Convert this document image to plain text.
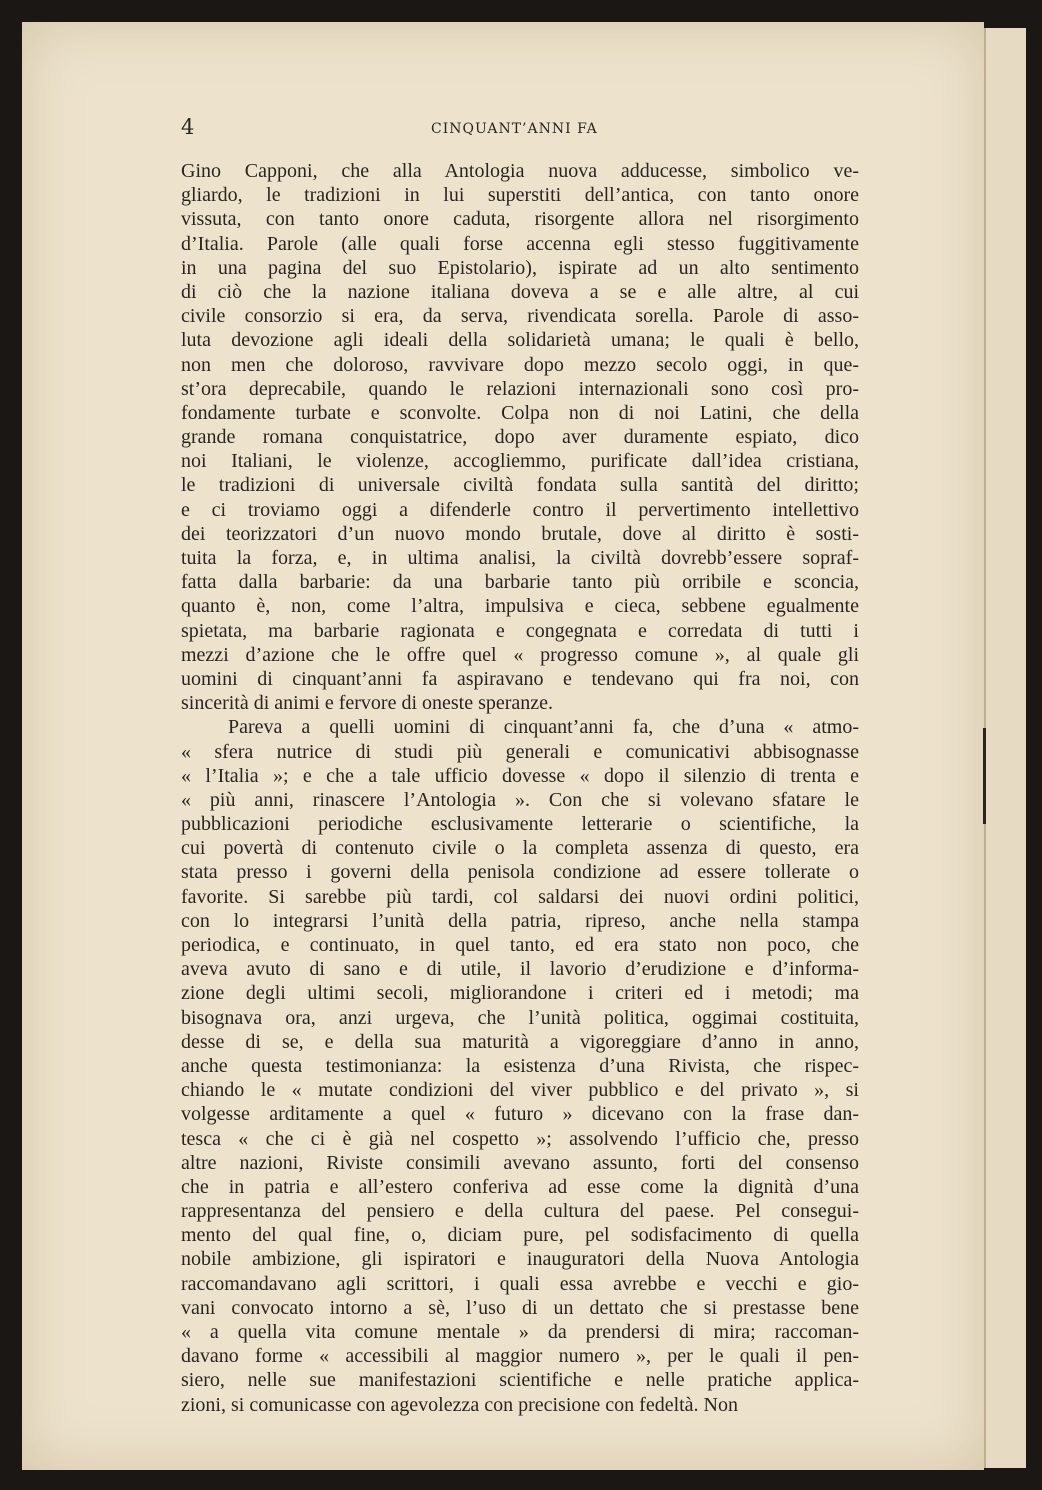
4	CINQUANT’ANNI FA
Gino Capponi, che alla Antologia nuova adducesse, simbolico ve-
gliardo, le tradizioni in lui superstiti dell’antica, con tanto onore
vissuta, con tanto onore caduta, risorgente allora nel risorgimento
d’Italia. Parole (alle quali forse accenna egli stesso fuggitivamente
in una pagina del suo Epistolario), ispirate ad un alto sentimento
di ciò che la nazione italiana doveva a se e alle altre, al cui
civile consorzio si era, da serva, rivendicata sorella. Parole di asso-
luta devozione agli ideali della solidarietà umana; le quali è bello,
non men che doloroso, ravvivare dopo mezzo secolo oggi, in que-
st’ora deprecabile, quando le relazioni internazionali sono così pro-
fondamente turbate e sconvolte. Colpa non di noi Latini, che della
grande romana conquistatrice, dopo aver duramente espiato, dico
noi Italiani, le violenze, accogliemmo, purificate dall’idea cristiana,
le tradizioni di universale civiltà fondata sulla santità del diritto;
e ci troviamo oggi a difenderle contro il pervertimento intellettivo
dei teorizzatori d’un nuovo mondo brutale, dove al diritto è sosti-
tuita la forza, e, in ultima analisi, la civiltà dovrebb’essere sopraf-
fatta dalla barbarie: da una barbarie tanto più orribile e sconcia,
quanto è, non, come l’altra, impulsiva e cieca, sebbene egualmente
spietata, ma barbarie ragionata e congegnata e corredata di tutti i
mezzi d’azione che le offre quel « progresso comune », al quale gli
uomini di cinquant’anni fa aspiravano e tendevano qui fra noi, con
sincerità di animi e fervore di oneste speranze.
Pareva a quelli uomini di cinquant’anni fa, che d’una « atmo-
« sfera nutrice di studi più generali e comunicativi abbisognasse
« l’Italia »; e che a tale ufficio dovesse « dopo il silenzio di trenta e
« più anni, rinascere l’Antologia ». Con che si volevano sfatare le
pubblicazioni periodiche esclusivamente letterarie o scientifiche, la
cui povertà di contenuto civile o la completa assenza di questo, era
stata presso i governi della penisola condizione ad essere tollerate o
favorite. Si sarebbe più tardi, col saldarsi dei nuovi ordini politici,
con lo integrarsi l’unità della patria, ripreso, anche nella stampa
periodica, e continuato, in quel tanto, ed era stato non poco, che
aveva avuto di sano e di utile, il lavorio d’erudizione e d’informa-
zione degli ultimi secoli, migliorandone i criteri ed i metodi; ma
bisognava ora, anzi urgeva, che l’unità politica, oggimai costituita,
desse di se, e della sua maturità a vigoreggiare d’anno in anno,
anche questa testimonianza: la esistenza d’una Rivista, che rispec-
chiando le « mutate condizioni del viver pubblico e del privato », si
volgesse arditamente a quel « futuro » dicevano con la frase dan-
tesca « che ci è già nel cospetto »; assolvendo l’ufficio che, presso
altre nazioni, Riviste consimili avevano assunto, forti del consenso
che in patria e all’estero conferiva ad esse come la dignità d’una
rappresentanza del pensiero e della cultura del paese. Pel consegui-
mento del qual fine, o, diciam pure, pel sodisfacimento di quella
nobile ambizione, gli ispiratori e inauguratori della Nuova Antologia
raccomandavano agli scrittori, i quali essa avrebbe e vecchi e gio-
vani convocato intorno a sè, l’uso di un dettato che si prestasse bene
« a quella vita comune mentale » da prendersi di mira; raccoman-
davano forme « accessibili al maggior numero », per le quali il pen-
siero, nelle sue manifestazioni scientifiche e nelle pratiche applica-
zioni, si comunicasse con agevolezza con precisione con fedeltà. Non
